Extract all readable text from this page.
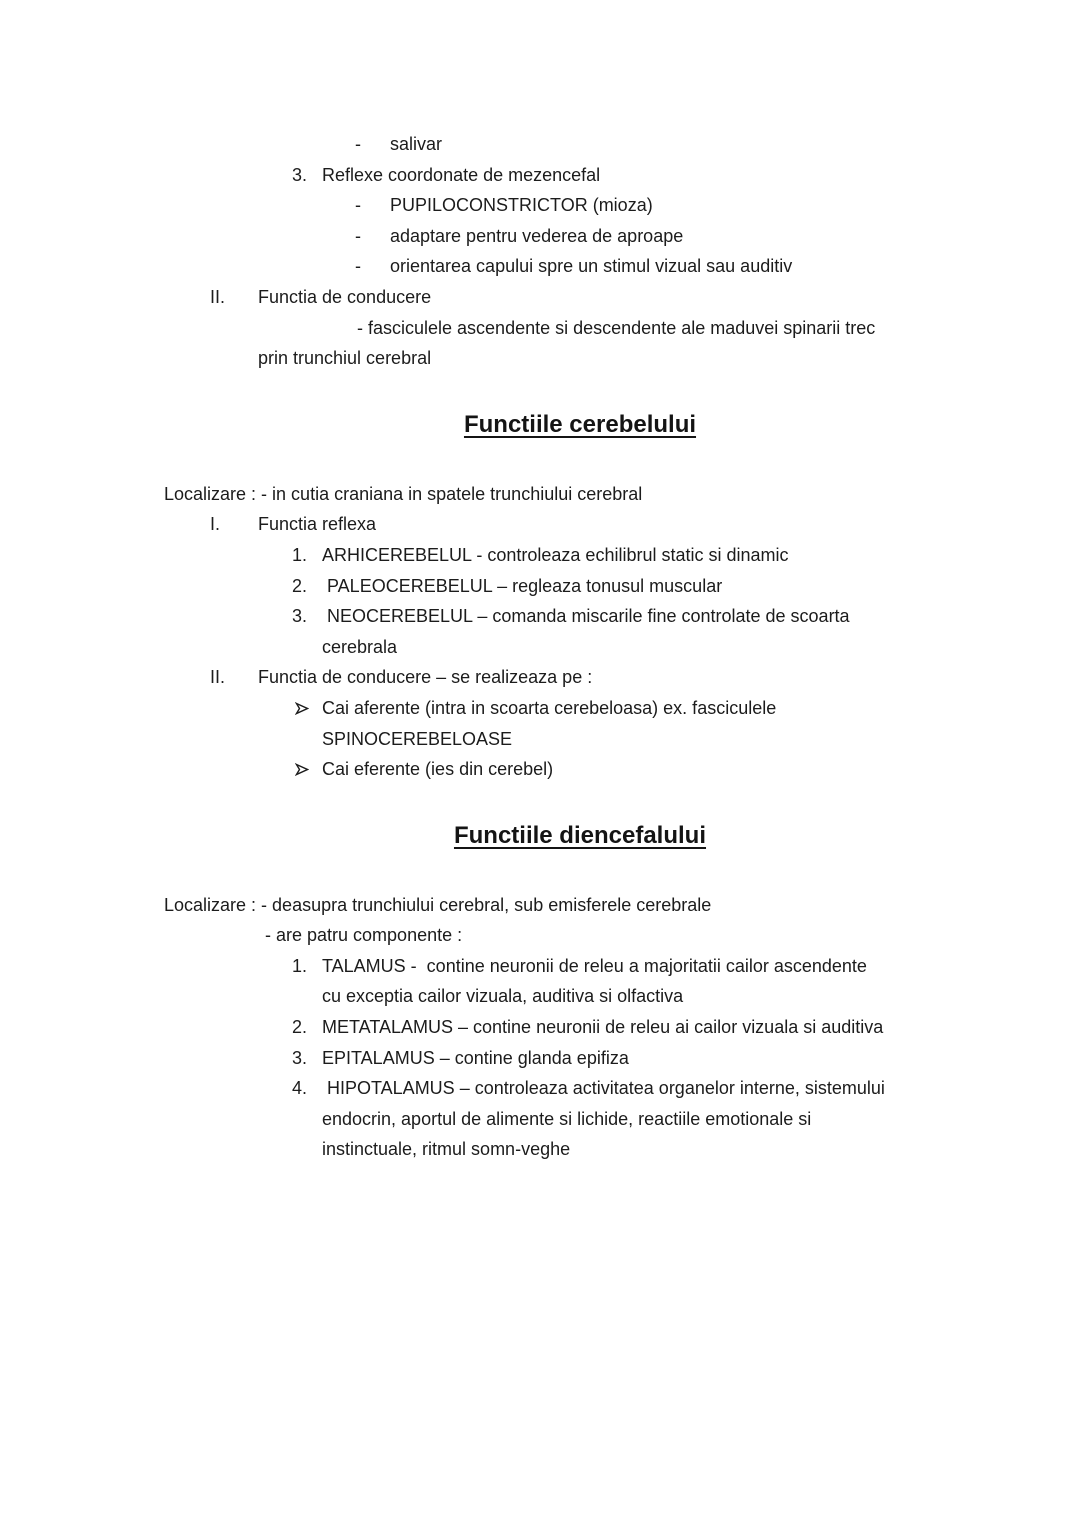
-	salivar
3. Reflexe coordonate de mezencefal
-	PUPILOCONSTRICTOR (mioza)
-	adaptare pentru vederea de aproape
-	orientarea capului spre un stimul vizual sau auditiv
II.	Functia de conducere
- fasciculele ascendente si descendente ale maduvei spinarii trec
prin trunchiul cerebral
Functiile cerebelului
Localizare : - in cutia craniana in spatele trunchiului cerebral
I.	Functia reflexa
1. ARHICEREBELUL - controleaza echilibrul static si dinamic
2. PALEOCEREBELUL – regleaza tonusul muscular
3. NEOCEREBELUL – comanda miscarile fine controlate de scoarta
cerebrala
II.	Functia de conducere – se realizeaza pe :
Cai aferente (intra in scoarta cerebeloasa) ex. fasciculele
SPINOCEREBELOASE
Cai eferente (ies din cerebel)
Functiile diencefalului
Localizare : - deasupra trunchiului cerebral, sub emisferele cerebrale
- are patru componente :
1. TALAMUS -  contine neuronii de releu a majoritatii cailor ascendente
cu exceptia cailor vizuala, auditiva si olfactiva
2. METATALAMUS – contine neuronii de releu ai cailor vizuala si auditiva
3. EPITALAMUS – contine glanda epifiza
4. HIPOTALAMUS – controleaza activitatea organelor interne, sistemului
endocrin, aportul de alimente si lichide, reactiile emotionale si
instinctuale, ritmul somn-veghe
